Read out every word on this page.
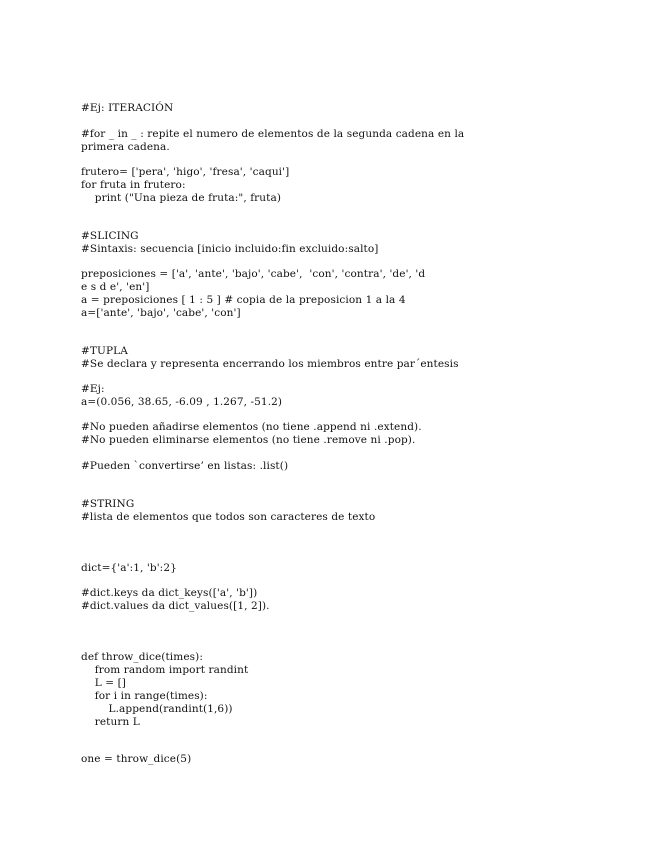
#Ej: ITERACIÓN

#for _ in _ : repite el numero de elementos de la segunda cadena en la

primera cadena.

frutero= ['pera', 'higo', 'fresa', 'caqui']

for fruta in frutero:

print ("Una pieza de fruta:", fruta)

#SLICING

#Sintaxis: secuencia [inicio incluido:fin excluido:salto]

preposiciones = ['a', 'ante', 'bajo', 'cabe',  'con', 'contra', 'de', 'd

e s d e', 'en']

a = preposiciones [ 1 : 5 ] # copia de la preposicion 1 a la 4

a=['ante', 'bajo', 'cabe', 'con']

#TUPLA

#Se declara y representa encerrando los miembros entre par´entesis

#Ej:

a=(0.056, 38.65, -6.09 , 1.267, -51.2)

#No pueden añadirse elementos (no tiene .append ni .extend).

#No pueden eliminarse elementos (no tiene .remove ni .pop).

#Pueden `convertirse’ en listas: .list()

#STRING

#lista de elementos que todos son caracteres de texto

dict={'a':1, 'b':2}

#dict.keys da dict_keys(['a', 'b'])

#dict.values da dict_values([1, 2]).

def throw_dice(times):

from random import randint

L = []

for i in range(times):

L.append(randint(1,6))

return L

one = throw_dice(5)
